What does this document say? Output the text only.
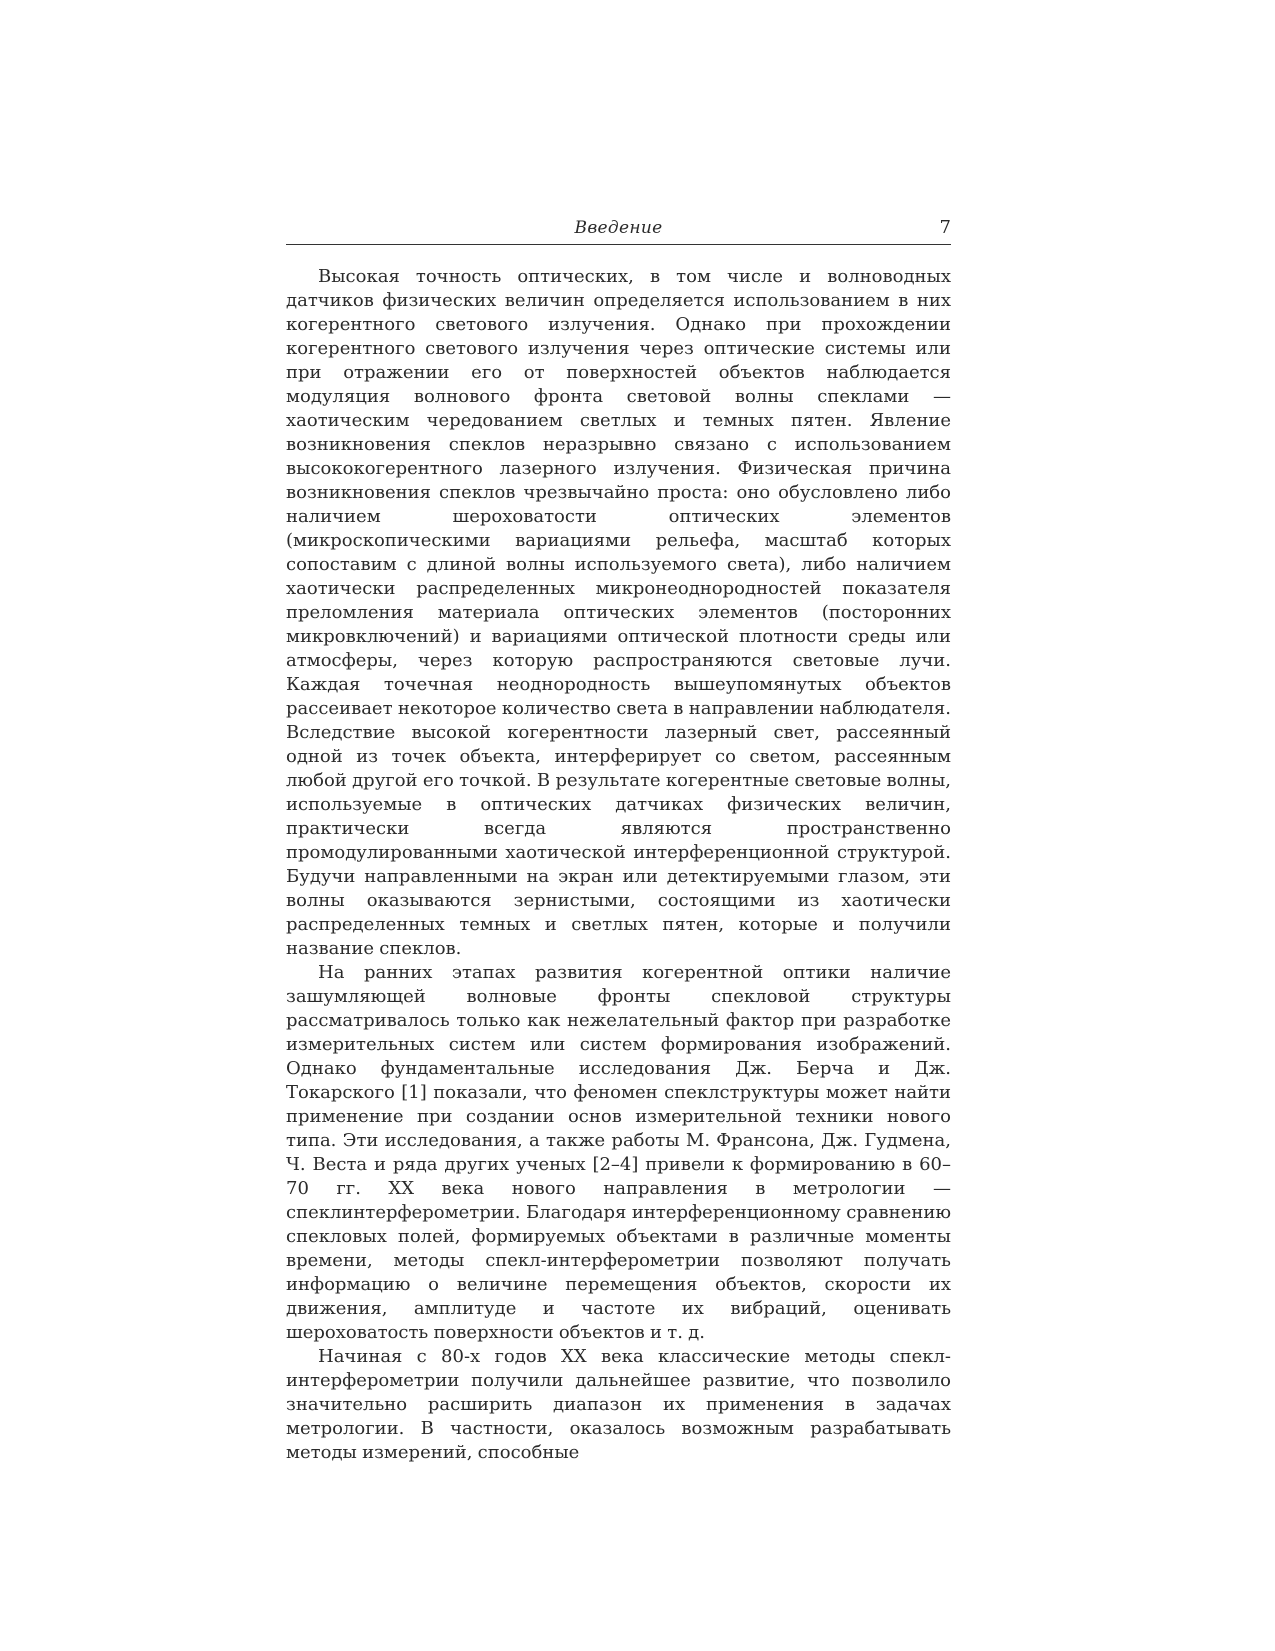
Введение	7

Высокая точность оптических, в том числе и волноводных датчиков физических величин определяется использованием в них когерентного светового излучения. Однако при прохождении когерентного светового излучения через оптические системы или при отражении его от поверхностей объектов наблюдается модуляция волнового фронта световой волны спеклами — хаотическим чередованием светлых и темных пятен. Явление возникновения спеклов неразрывно связано с использованием высококогерентного лазерного излучения. Физическая причина возникновения спеклов чрезвычайно проста: оно обусловлено либо наличием шероховатости оптических элементов (микроскопическими вариациями рельефа, масштаб которых сопоставим с длиной волны используемого света), либо наличием хаотически распределенных микронеоднородностей показателя преломления материала оптических элементов (посторонних микровключений) и вариациями оптической плотности среды или атмосферы, через которую распространяются световые лучи. Каждая точечная неоднородность вышеупомянутых объектов рассеивает некоторое количество света в направлении наблюдателя. Вследствие высокой когерентности лазерный свет, рассеянный одной из точек объекта, интерферирует со светом, рассеянным любой другой его точкой. В результате когерентные световые волны, используемые в оптических датчиках физических величин, практически всегда являются пространственно промодулированными хаотической интерференционной структурой. Будучи направленными на экран или детектируемыми глазом, эти волны оказываются зернистыми, состоящими из хаотически распределенных темных и светлых пятен, которые и получили название спеклов.

На ранних этапах развития когерентной оптики наличие зашумляющей волновые фронты спекловой структуры рассматривалось только как нежелательный фактор при разработке измерительных систем или систем формирования изображений. Однако фундаментальные исследования Дж. Берча и Дж. Токарского [1] показали, что феномен спеклструктуры может найти применение при создании основ измерительной техники нового типа. Эти исследования, а также работы М. Франсона, Дж. Гудмена, Ч. Веста и ряда других ученых [2–4] привели к формированию в 60–70 гг. XX века нового направления в метрологии — спеклинтерферометрии. Благодаря интерференционному сравнению спекловых полей, формируемых объектами в различные моменты времени, методы спекл-интерферометрии позволяют получать информацию о величине перемещения объектов, скорости их движения, амплитуде и частоте их вибраций, оценивать шероховатость поверхности объектов и т. д.

Начиная с 80-х годов XX века классические методы спекл-интерферометрии получили дальнейшее развитие, что позволило значительно расширить диапазон их применения в задачах метрологии. В частности, оказалось возможным разрабатывать методы измерений, способные
